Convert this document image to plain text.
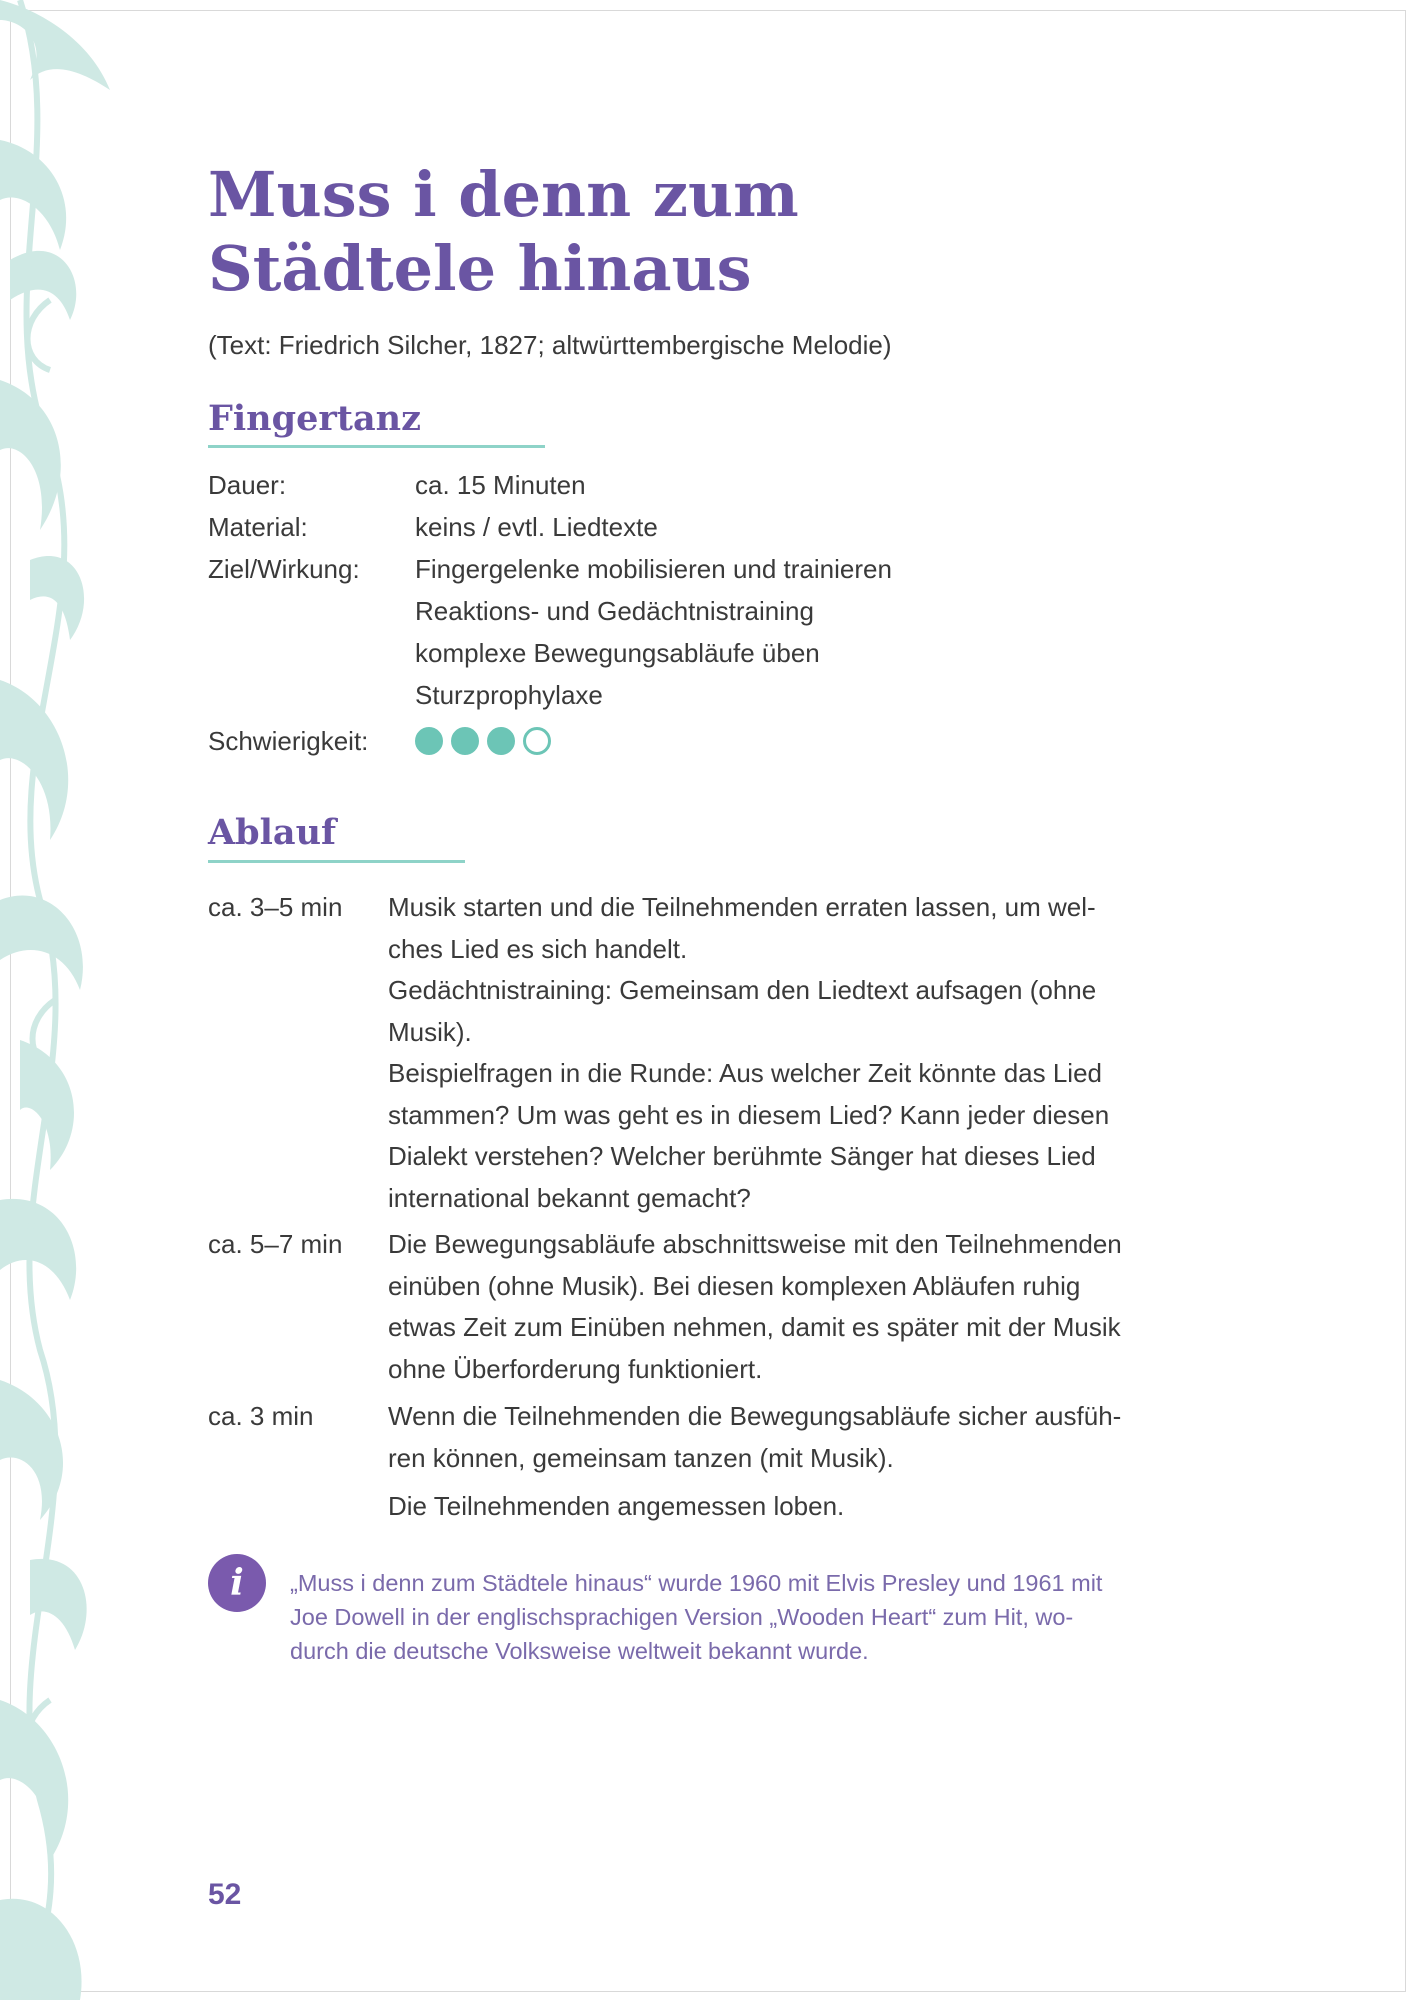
Muss i denn zum
Städtele hinaus
(Text: Friedrich Silcher, 1827; altwürttembergische Melodie)
Fingertanz
Dauer:	ca. 15 Minuten
Material:	keins / evtl. Liedtexte
Ziel/Wirkung:	Fingergelenke mobilisieren und trainieren
Reaktions- und Gedächtnistraining
komplexe Bewegungsabläufe üben
Sturzprophylaxe
Schwierigkeit:
Ablauf
ca. 3–5 min	Musik starten und die Teilnehmenden erraten lassen, um wel-

ches Lied es sich handelt.

Gedächtnistraining: Gemeinsam den Liedtext aufsagen (ohne

Musik).

Beispielfragen in die Runde: Aus welcher Zeit könnte das Lied

stammen? Um was geht es in diesem Lied? Kann jeder diesen

Dialekt verstehen? Welcher berühmte Sänger hat dieses Lied

international bekannt gemacht?

ca. 5–7 min	Die Bewegungsabläufe abschnittsweise mit den Teilnehmenden

einüben (ohne Musik). Bei diesen komplexen Abläufen ruhig

etwas Zeit zum Einüben nehmen, damit es später mit der Musik

ohne Überforderung funktioniert.

ca. 3 min	Wenn die Teilnehmenden die Bewegungsabläufe sicher ausfüh-

ren können, gemeinsam tanzen (mit Musik).

Die Teilnehmenden angemessen loben.

i	„Muss i denn zum Städtele hinaus“ wurde 1960 mit Elvis Presley und 1961 mit
Joe Dowell in der englischsprachigen Version „Wooden Heart“ zum Hit, wo-
durch die deutsche Volksweise weltweit bekannt wurde.
52
